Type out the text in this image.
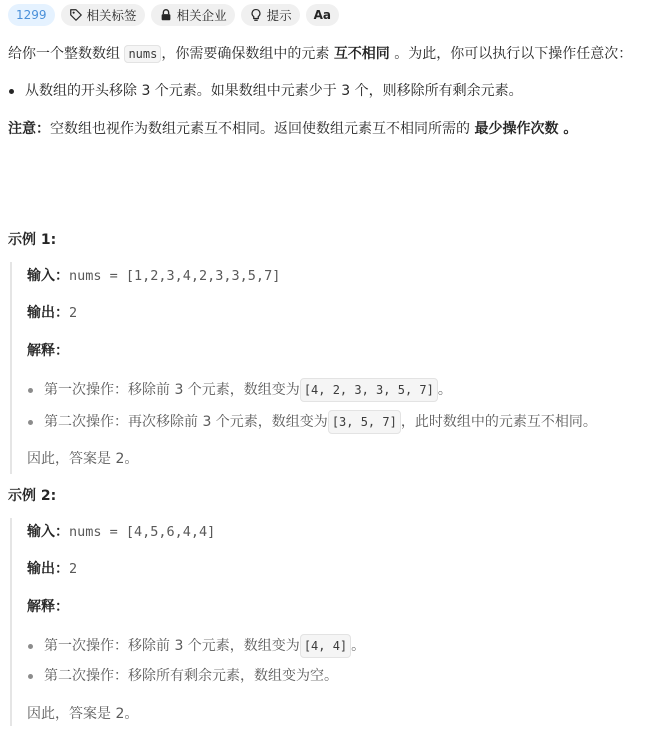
1299	相关标签	相关企业	提示 Aa
给你一个整数数组 nums ，你需要确保数组中的元素 互不相同 。为此，你可以执行以下操作任意次：
从数组的开头移除 3 个元素。如果数组中元素少于 3 个，则移除所有剩余元素。
注意：空数组也视作为数组元素互不相同。返回使数组元素互不相同所需的 最少操作次数 。
示例 1:
输入：nums = [1,2,3,4,2,3,3,5,7]
输出：2
解释：
第一次操作：移除前 3 个元素，数组变为 [4, 2, 3, 3, 5, 7] 。
第二次操作：再次移除前 3 个元素，数组变为 [3, 5, 7] ，此时数组中的元素互不相同。
因此，答案是 2。
示例 2:
输入：nums = [4,5,6,4,4]
输出：2
解释：
第一次操作：移除前 3 个元素，数组变为 [4, 4] 。
第二次操作：移除所有剩余元素，数组变为空。
因此，答案是 2。
